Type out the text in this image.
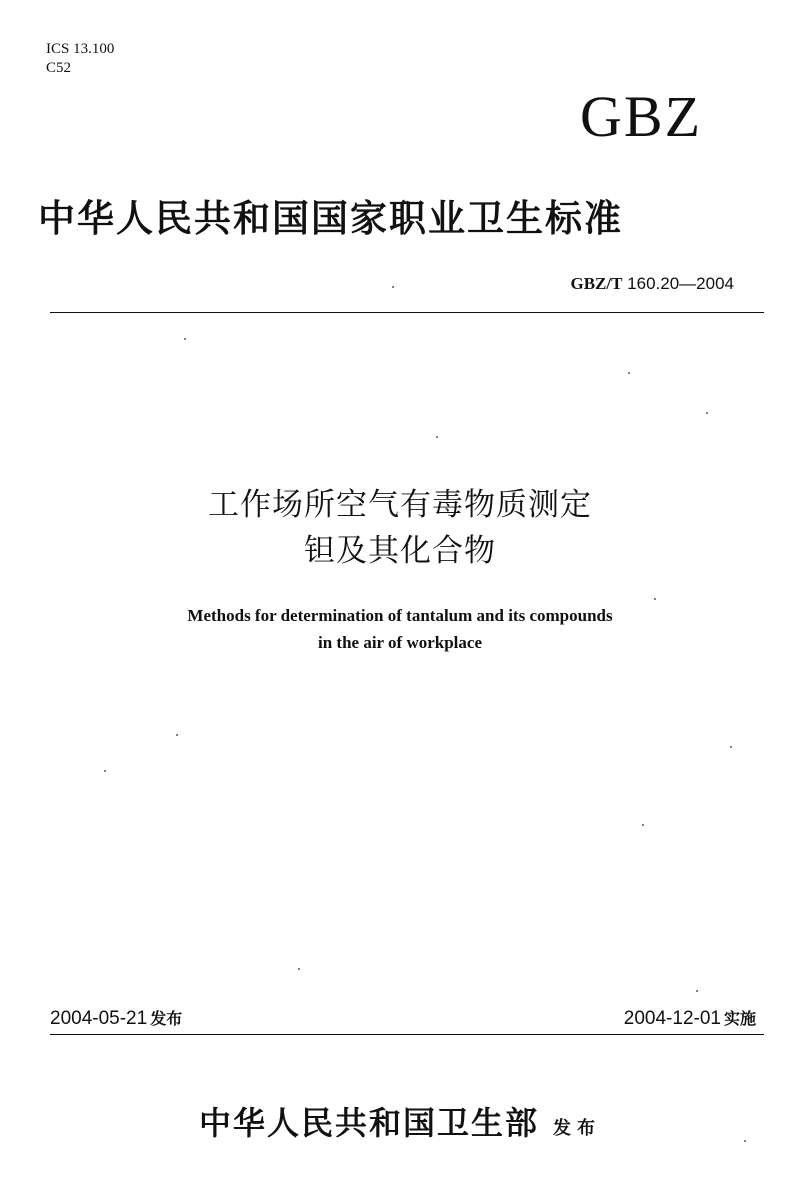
ICS 13.100
C52
GBZ
中华人民共和国国家职业卫生标准
GBZ/T 160.20—2004
工作场所空气有毒物质测定
钽及其化合物
Methods for determination of tantalum and its compounds
in the air of workplace
2004-05-21 发布	2004-12-01 实施
中华人民共和国卫生部 发布
